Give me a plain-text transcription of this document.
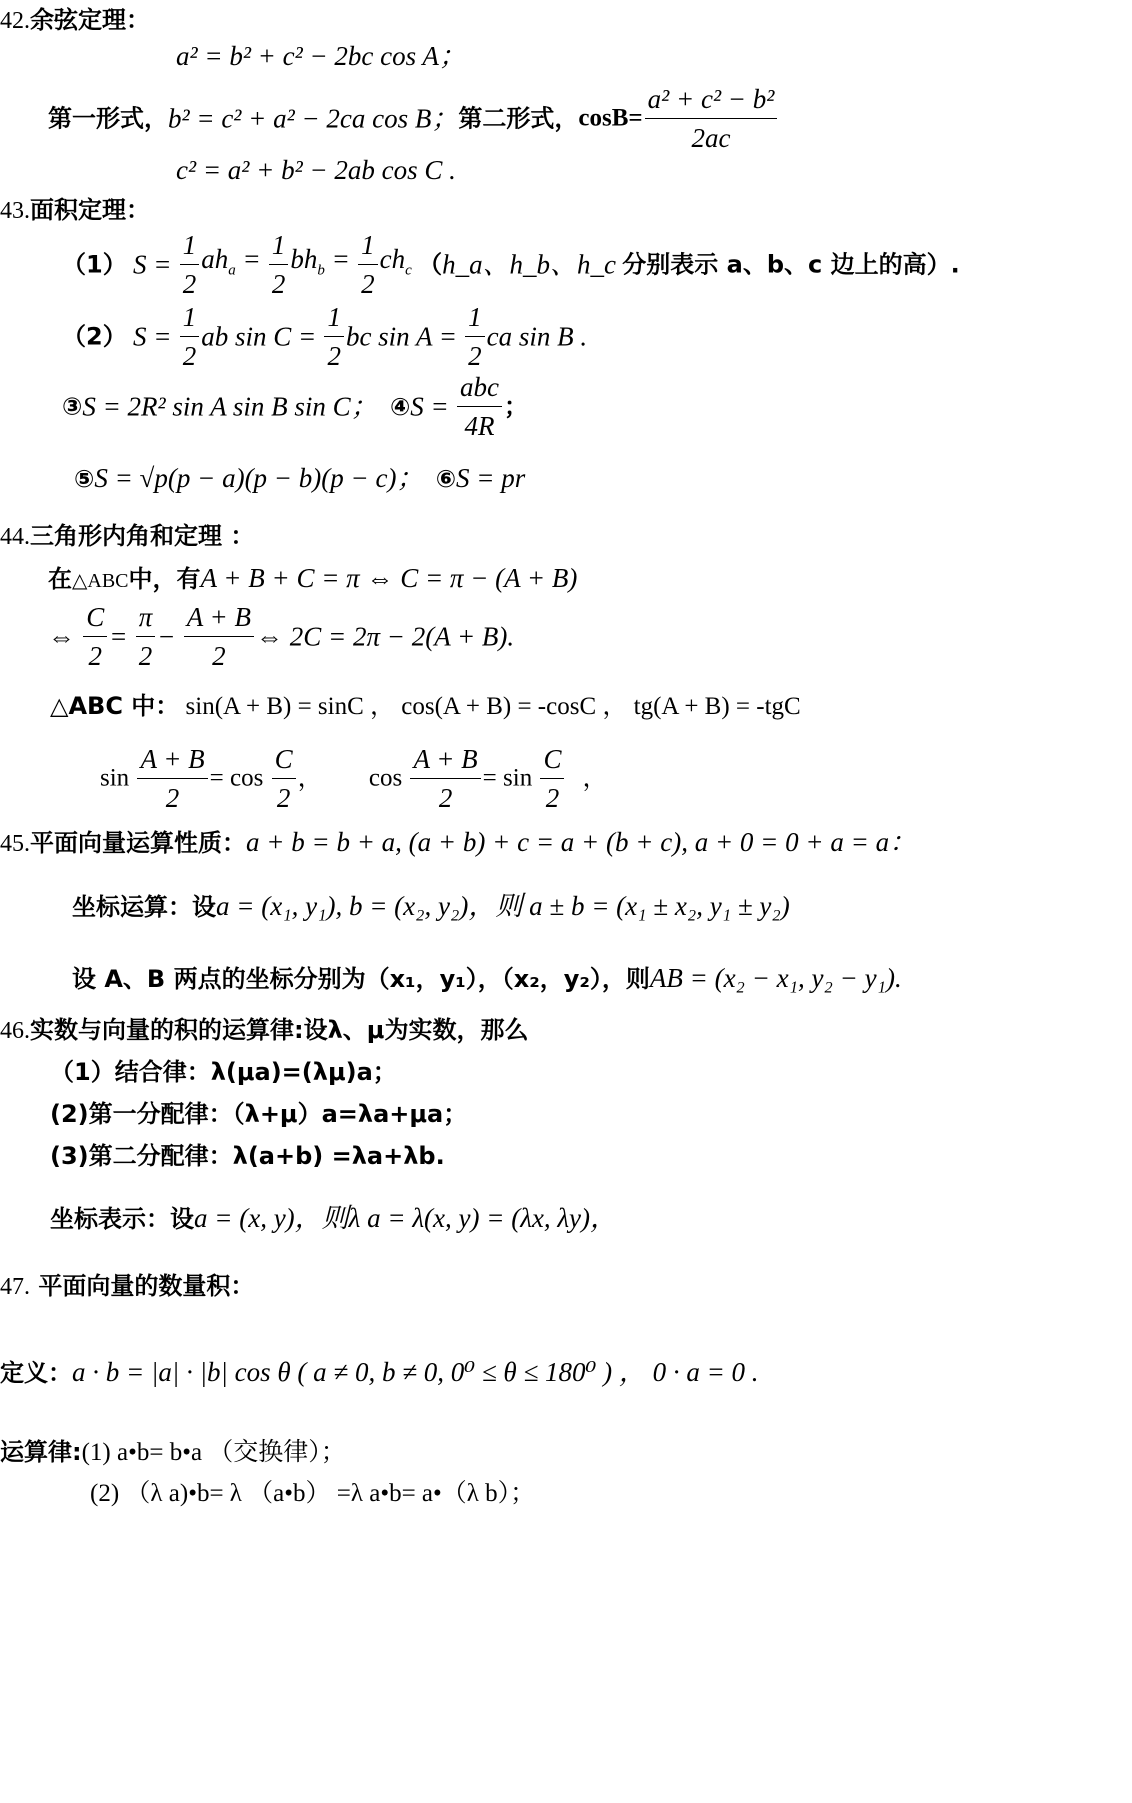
42.余弦定理：
a² = b² + c² − 2bc cos A；
第一形式，b² = c² + a² − 2ca cos B；第二形式，$\cos B= \frac{\text{a² + c² − b²}}{2ac}$
c² = a² + b² − 2ab cos C .
43.面积定理：
（1） $S = \frac{1}{2} ah_a = \frac{1}{2} bh_b = \frac{1}{2} ch_c$ （h_a、h_b、h_c 分别表示 a、b、c 边上的高）.
（2） $S = \frac{1}{2}$ ab $\sin C = \frac{1}{2}$ bc $\sin A = \frac{1}{2}$ ca sin B .
③S = 2R² sin A sin B sin C； ④S = $\frac{\text{abc}}{4R}$ ；
⑤S = √p(p − a)(p − b)(p − c)； ⑥S = pr
44.三角形内角和定理 ：
在△ABC中，有A + B + C = π ⇔ C = π − (A + B)
⇔ $\frac{C}{2} = \frac{\pi}{2} - \frac{A + B}{2}$ ⇔ 2C = 2π − 2(A + B).
△ABC 中： sin(A + B) = sinC ， cos(A + B) = -cosC ， tg(A + B) = -tgC
$\sin \frac{A + B}{2} = \cos \frac{C}{2}$ ， $\cos \frac{A + B}{2} = \sin \frac{C}{2}$ ，
45.平面向量运算性质：a + b = b + a, (a + b) + c = a + (b + c), a + 0 = 0 + a = a：
坐标运算：设a = (x₁, y₁), b = (x₂, y₂)，则 a ± b = (x₁ ± x₂, y₁ ± y₂)
设 A、B 两点的坐标分别为（x₁，y₁），（x₂，y₂），则AB = (x₂ − x₁, y₂ − y₁).
46.实数与向量的积的运算律:设λ、μ为实数，那么
（1）结合律：λ(μa)=(λμ)a；
(2)第一分配律：（λ+μ）a=λa+μa；
(3)第二分配律：λ(a+b) =λa+λb.
坐标表示：设a = (x, y)，则λ a = λ(x, y) = (λx, λy)，
47. 平面向量的数量积：
定义：a · b = |a| · |b| cos θ ( a ≠ 0, b ≠ 0, 0⁰ ≤ θ ≤ 180⁰ ) ， 0 · a = 0 .
运算律:(1) a•b= b•a （交换律）；
(2) （λ a)•b= λ （a•b） =λ a•b= a•（λ b）；
